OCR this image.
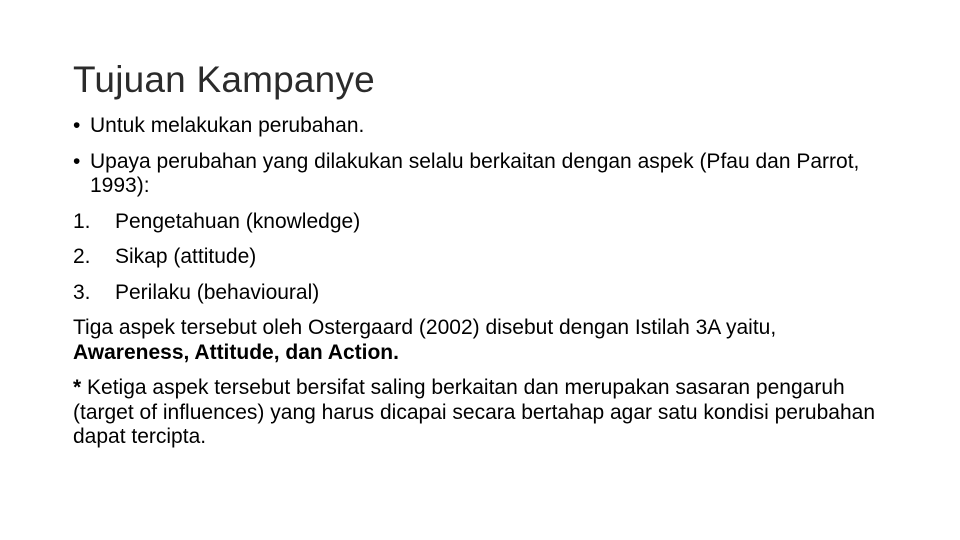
Tujuan Kampanye
• Untuk melakukan perubahan.
• Upaya perubahan yang dilakukan selalu berkaitan dengan aspek (Pfau dan Parrot, 1993):
1.	Pengetahuan (knowledge)
2.	Sikap (attitude)
3.	Perilaku (behavioural)
Tiga aspek tersebut oleh Ostergaard (2002) disebut dengan Istilah 3A yaitu, Awareness, Attitude, dan Action.
* Ketiga aspek tersebut bersifat saling berkaitan dan merupakan sasaran pengaruh (target of influences) yang harus dicapai secara bertahap agar satu kondisi perubahan dapat tercipta.
